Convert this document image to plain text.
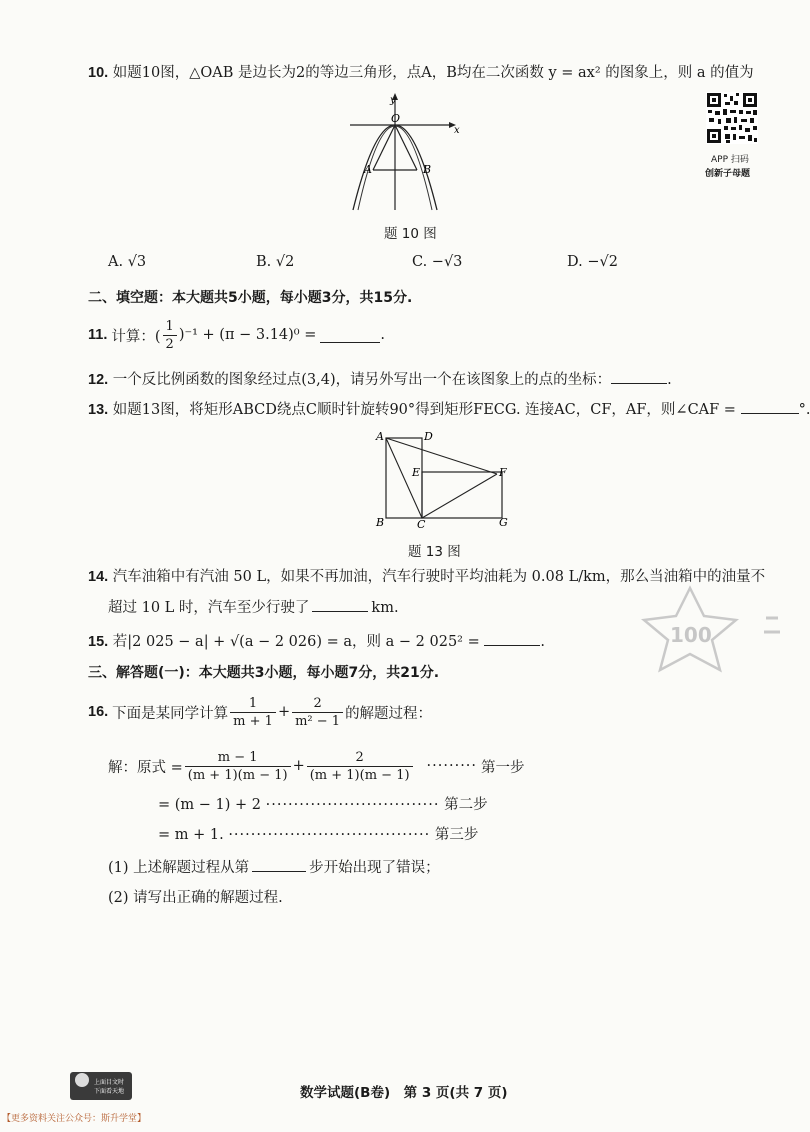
10. 如题10图，△OAB 是边长为2的等边三角形，点A，B均在二次函数 y = ax² 的图象上，则 a 的值为
y
O
x
A	B
题 10 图
APP 扫码
创新子母题
A. √3	B. √2	C. −√3	D. −√2
二、填空题：本大题共5小题，每小题3分，共15分.
11. 计算：( $\frac{1}{2} )^{-1} + (\pi - 3.14)^0$ =	.
12. 一个反比例函数的图象经过点(3,4)，请另外写出一个在该图象上的点的坐标：	.
13. 如题13图，将矩形ABCD绕点C顺时针旋转90°得到矩形FECG. 连接AC，CF，AF，则∠CAF =	°.
A	D
E	F
B	C	G
题 13 图
14. 汽车油箱中有汽油 50 L，如果不再加油，汽车行驶时平均油耗为 0.08 L/km，那么当油箱中的油量不
超过 10 L 时，汽车至少行驶了	km.
100
15. 若|2 025 − a| + √(a − 2 026) = a，则 a − 2 025² =	.
三、解答题(一)：本大题共3小题，每小题7分，共21分.
16. 下面是某同学计算 $\frac{1}{m + 1} + \frac{2}{\text{m² − 1}}$ 的解题过程：
解：原式 = $\frac{m - 1}{(m + 1)(m - 1)} + \frac{2}{(m + 1)(m - 1)}$ ········· 第一步
= (m − 1) + 2 ······························· 第二步
= m + 1. ···································· 第三步
(1) 上述解题过程从第	步开始出现了错误；
(2) 请写出正确的解题过程.
上面目文时
下面看天地	数学试题(B卷)　第 3 页(共 7 页)
【更多资料关注公众号：斯升学堂】
